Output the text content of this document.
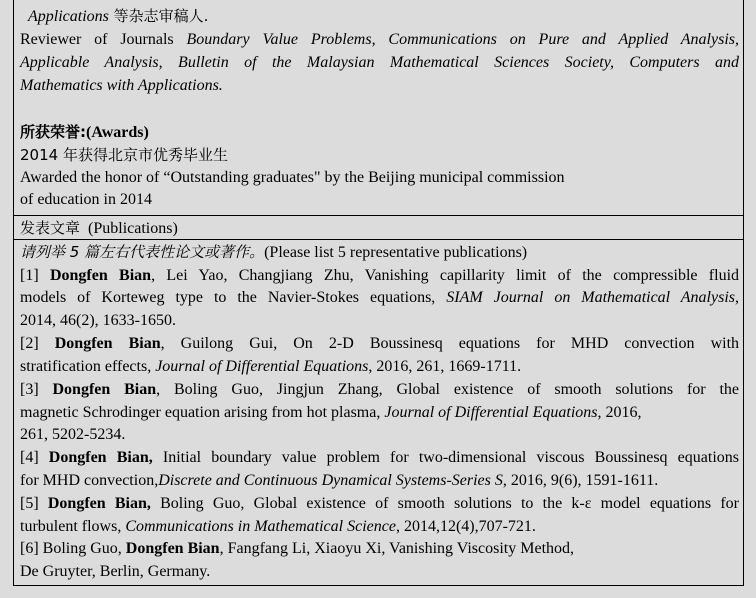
Applications 等杂志审稿人.
Reviewer of Journals Boundary Value Problems, Communications on Pure and Applied Analysis,
Applicable Analysis, Bulletin of the Malaysian Mathematical Sciences Society, Computers and
Mathematics with Applications.
所获荣誉:(Awards)
2014 年获得北京市优秀毕业生
Awarded the honor of “Outstanding graduates" by the Beijing municipal commission
of education in 2014
发表文章 (Publications)
请列举 5 篇左右代表性论文或著作。(Please list 5 representative publications)
[1] Dongfen Bian, Lei Yao, Changjiang Zhu, Vanishing capillarity limit of the compressible fluid
models of Korteweg type to the Navier-Stokes equations, SIAM Journal on Mathematical Analysis,
2014, 46(2), 1633-1650.
[2] Dongfen Bian, Guilong Gui, On 2-D Boussinesq equations for MHD convection with
stratification effects, Journal of Differential Equations, 2016, 261, 1669-1711.
[3] Dongfen Bian, Boling Guo, Jingjun Zhang, Global existence of smooth solutions for the
magnetic Schrodinger equation arising from hot plasma, Journal of Differential Equations, 2016,
261, 5202-5234.
[4] Dongfen Bian, Initial boundary value problem for two-dimensional viscous Boussinesq equations
for MHD convection,Discrete and Continuous Dynamical Systems-Series S, 2016, 9(6), 1591-1611.
[5] Dongfen Bian, Boling Guo, Global existence of smooth solutions to the k-ε model equations for
turbulent flows, Communications in Mathematical Science, 2014,12(4),707-721.
[6] Boling Guo, Dongfen Bian, Fangfang Li, Xiaoyu Xi, Vanishing Viscosity Method,
De Gruyter, Berlin, Germany.
